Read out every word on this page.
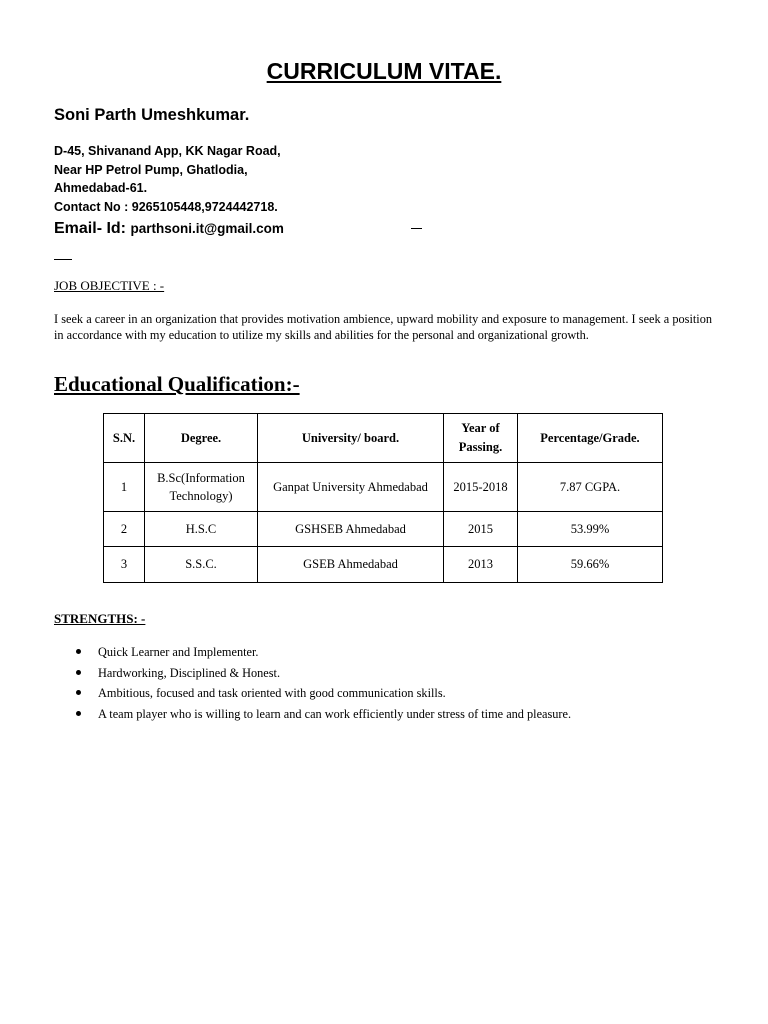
CURRICULUM VITAE.
Soni Parth Umeshkumar.
D-45, Shivanand App, KK Nagar Road,
Near HP Petrol Pump, Ghatlodia,
Ahmedabad-61.
Contact No : 9265105448,9724442718.
Email- Id: parthsoni.it@gmail.com
JOB OBJECTIVE : -
I seek a career in an organization that provides motivation ambience, upward mobility and exposure to management. I seek a position in accordance with my education to utilize my skills and abilities for the personal and organizational growth.
Educational Qualification:-
S.N.	Degree.	University/ board.	Year of Passing.	Percentage/Grade.
1	B.Sc(Information Technology)	Ganpat University Ahmedabad	2015-2018	7.87 CGPA.
2	H.S.C	GSHSEB Ahmedabad	2015	53.99%
3	S.S.C.	GSEB Ahmedabad	2013	59.66%
STRENGTHS: -
Quick Learner and Implementer.
Hardworking, Disciplined & Honest.
Ambitious, focused and task oriented with good communication skills.
A team player who is willing to learn and can work efficiently under stress of time and pleasure.
